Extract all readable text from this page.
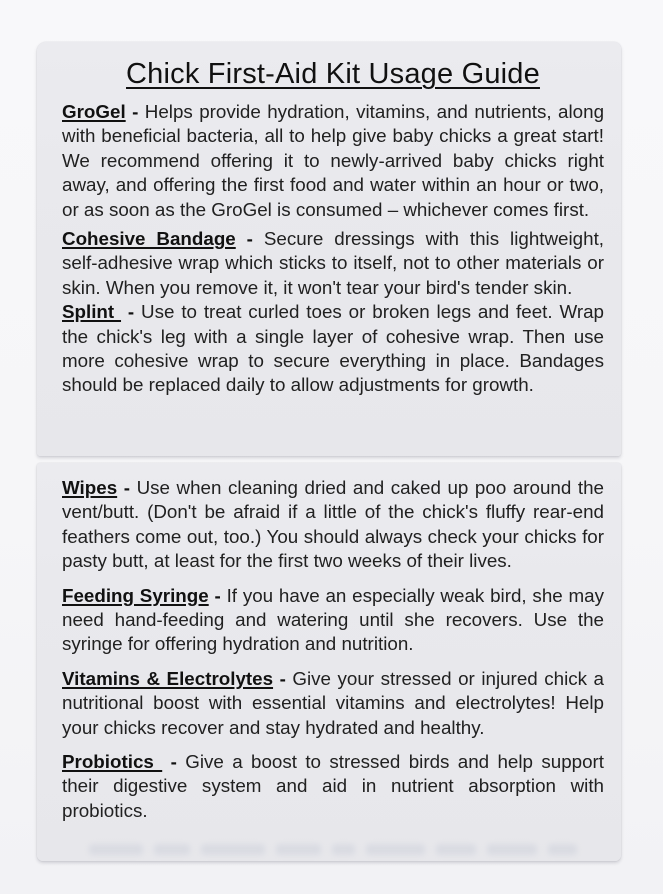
Chick First-Aid Kit Usage Guide

GroGel - Helps provide hydration, vitamins, and nutrients, along with beneficial bacteria, all to help give baby chicks a great start! We recommend offering it to newly-arrived baby chicks right away, and offering the first food and water within an hour or two, or as soon as the GroGel is consumed – whichever comes first.

Cohesive Bandage - Secure dressings with this lightweight, self-adhesive wrap which sticks to itself, not to other materials or skin. When you remove it, it won't tear your bird's tender skin.

Splint  - Use to treat curled toes or broken legs and feet. Wrap the chick's leg with a single layer of cohesive wrap. Then use more cohesive wrap to secure everything in place. Bandages should be replaced daily to allow adjustments for growth.

Wipes - Use when cleaning dried and caked up poo around the vent/butt. (Don't be afraid if a little of the chick's fluffy rear-end feathers come out, too.) You should always check your chicks for pasty butt, at least for the first two weeks of their lives.

Feeding Syringe - If you have an especially weak bird, she may need hand-feeding and watering until she recovers. Use the syringe for offering hydration and nutrition.

Vitamins & Electrolytes - Give your stressed or injured chick a nutritional boost with essential vitamins and electrolytes! Help your chicks recover and stay hydrated and healthy.

Probiotics  - Give a boost to stressed birds and help support their digestive system and aid in nutrient absorption with probiotics.
